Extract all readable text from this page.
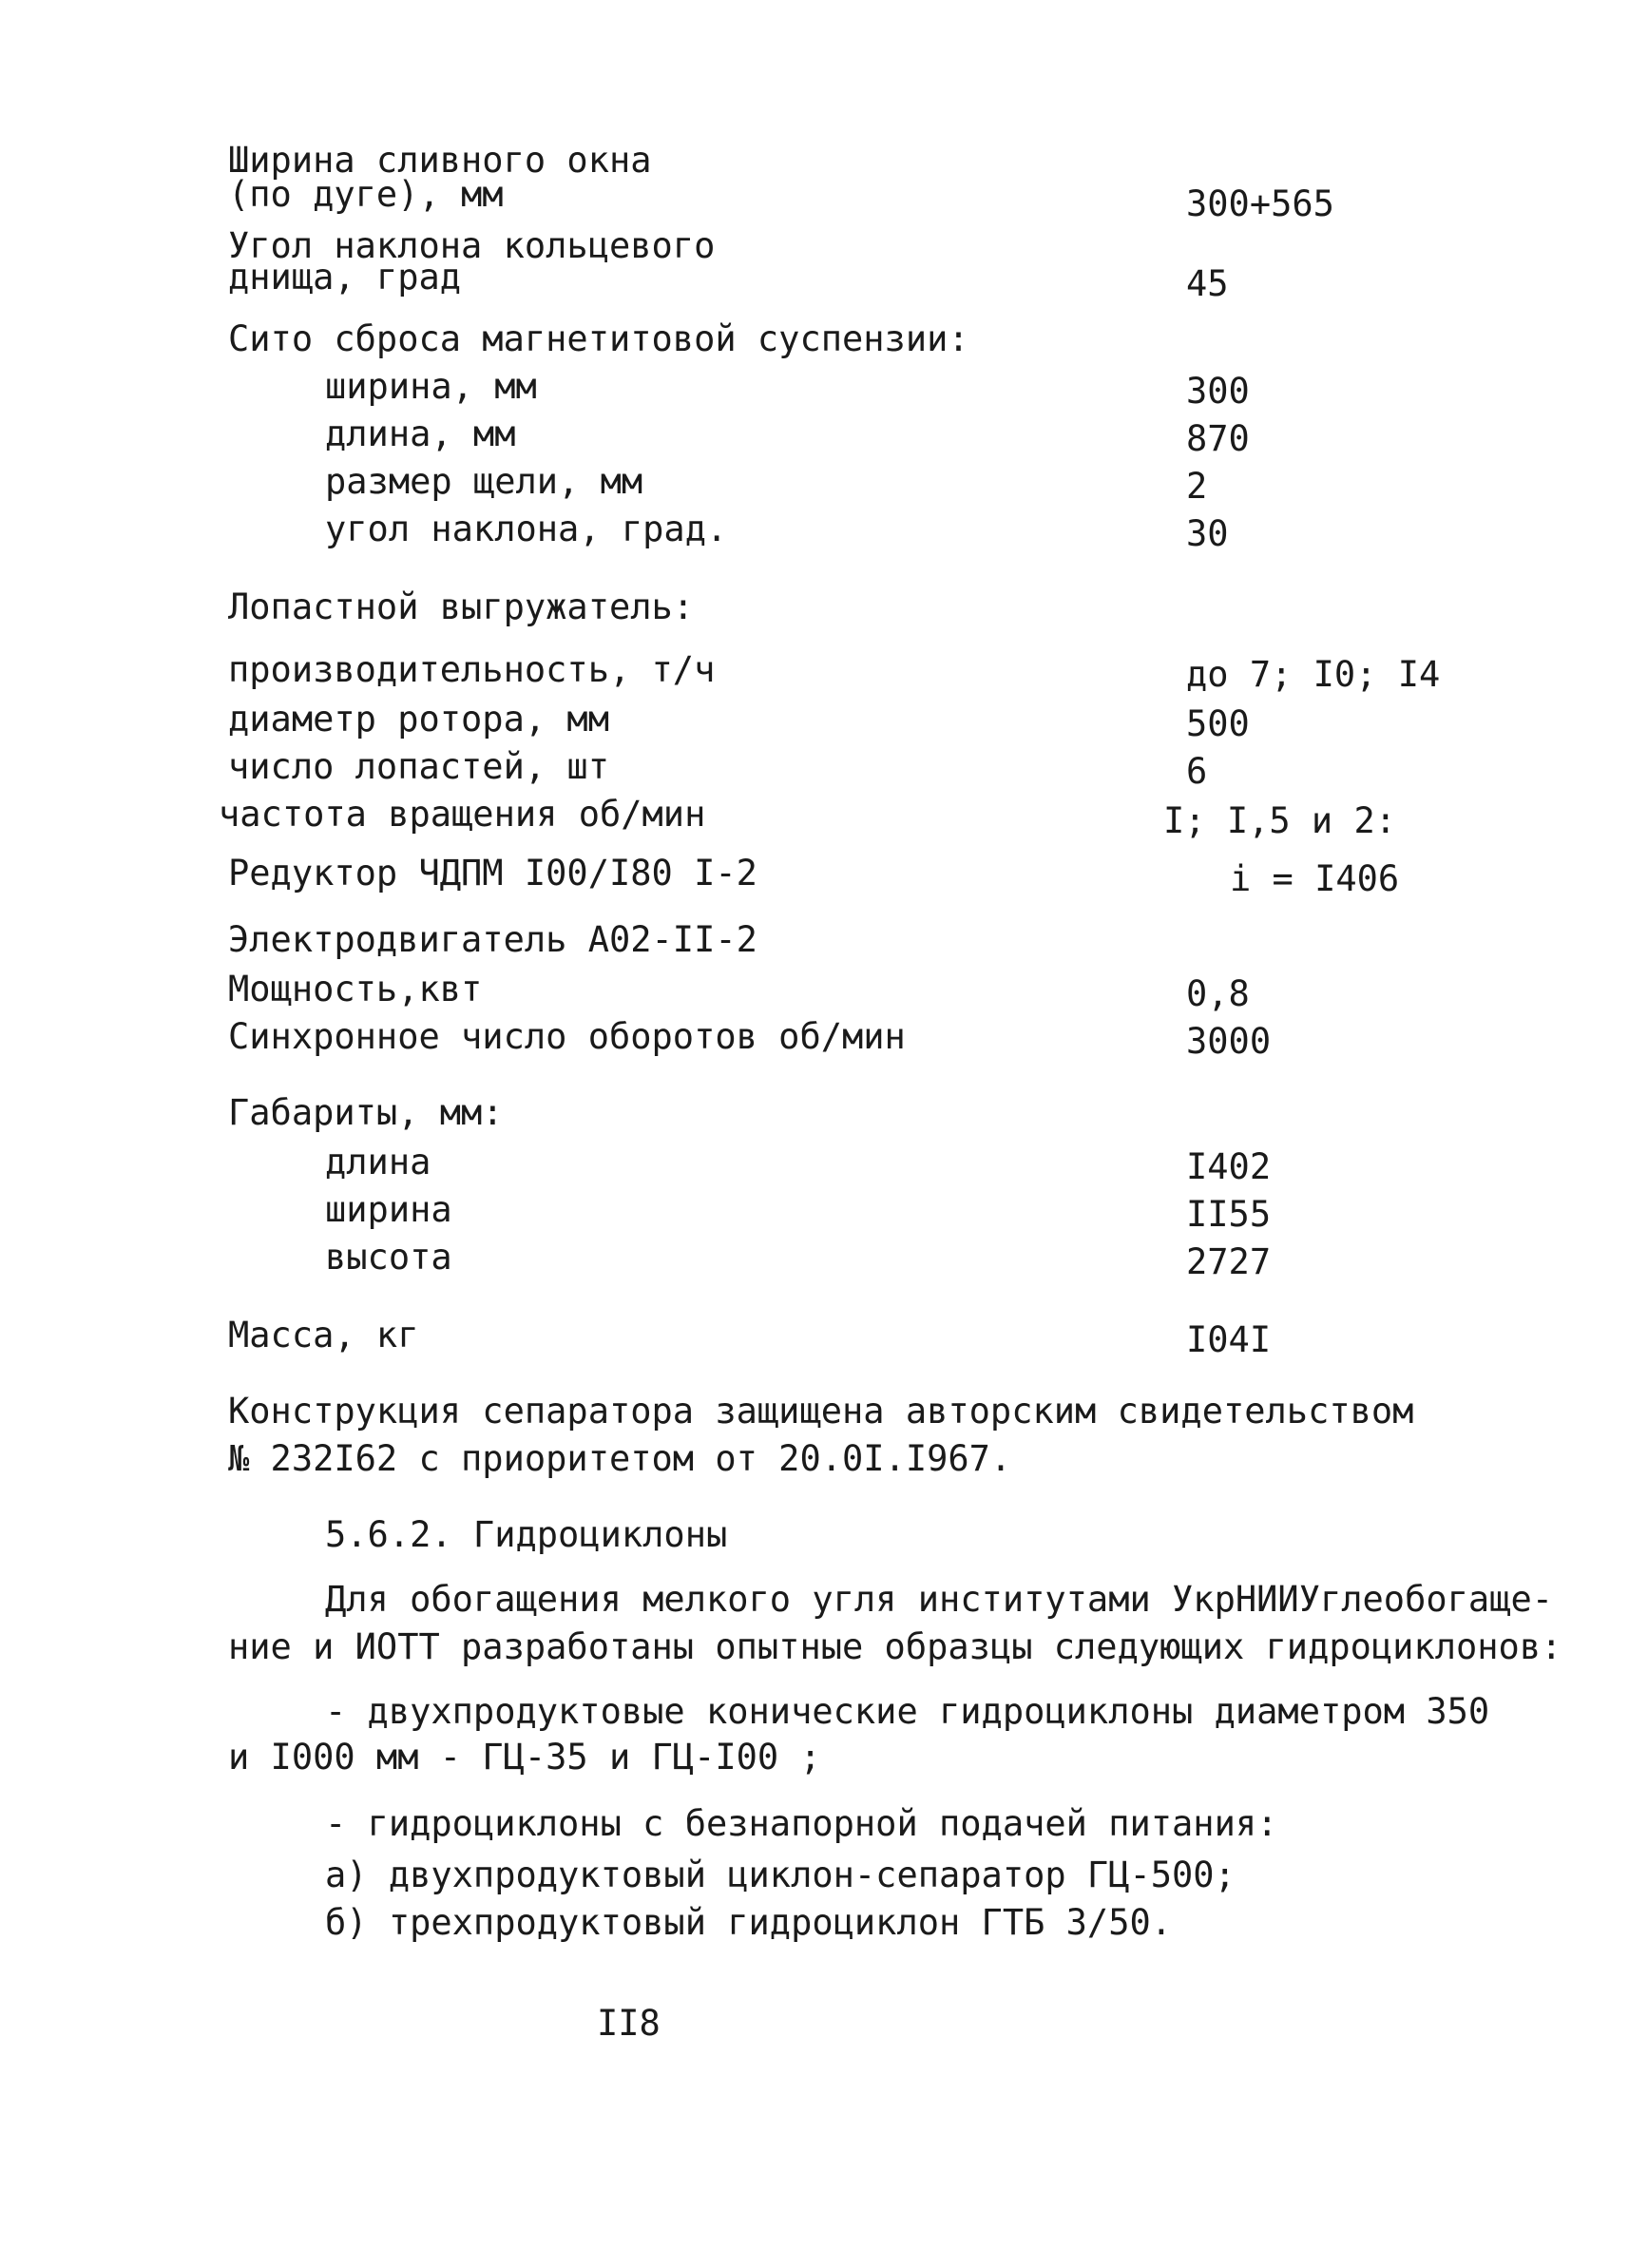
Ширина сливного окна
(по дуге), мм	300+565
Угол наклона кольцевого
днища, град	45
Сито сброса магнетитовой суспензии:
ширина, мм	300
длина, мм	870
размер щели, мм	2
угол наклона, град.	30
Лопастной выгружатель:
производительность, т/ч	до 7; I0; I4
диаметр ротора, мм	500
число лопастей, шт	6
частота вращения об/мин	I; I,5 и 2:
Редуктор ЧДПМ I00/I80 I-2	i = I406
Электродвигатель А02-II-2
Мощность,квт	0,8
Синхронное число оборотов об/мин	3000
Габариты, мм:
длина	I402
ширина	II55
высота	2727
Масса, кг	I04I
Конструкция сепаратора защищена авторским свидетельством
№ 232I62 с приоритетом от 20.0I.I967.
5.6.2. Гидроциклоны
Для обогащения мелкого угля институтами УкрНИИУглеобогаще-
ние и ИОТТ разработаны опытные образцы следующих гидроциклонов:
- двухпродуктовые конические гидроциклоны диаметром 350
и I000 мм - ГЦ-35 и ГЦ-I00 ;
- гидроциклоны с безнапорной подачей питания:
а) двухпродуктовый циклон-сепаратор ГЦ-500;
б) трехпродуктовый гидроциклон ГТБ 3/50.
II8
